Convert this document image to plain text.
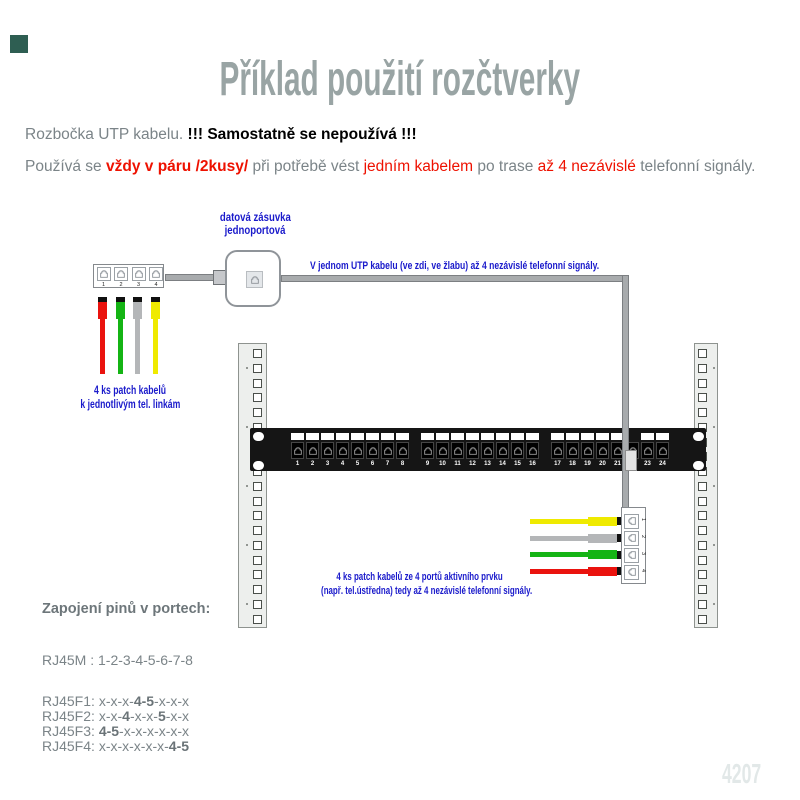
Příklad použití rozčtverky
Rozbočka UTP kabelu. !!! Samostatně se nepoužívá !!!
Používá se vždy v páru /2kusy/ při potřebě vést jedním kabelem po trase až 4 nezávislé telefonní signály.
datová zásuvka
jednoportová
V jednom UTP kabelu (ve zdi, ve žlabu) až 4 nezávislé telefonní signály.
1	2	3	4
4 ks patch kabelů
k jednotlivým tel. linkám
1	2	3	4	5	6	7	8	9	10	11	12	13	14	15	16	17	18	19	20	21	23	24
1
2
3
4
4 ks patch kabelů ze 4 portů aktivního prvku
(např. tel.ústředna) tedy až 4 nezávislé telefonní signály.
Zapojení pinů v portech:
RJ45M : 1-2-3-4-5-6-7-8
RJ45F1: x-x-x-4-5-x-x-x
RJ45F2: x-x-4-x-x-5-x-x
RJ45F3: 4-5-x-x-x-x-x-x
RJ45F4: x-x-x-x-x-x-4-5
4207
